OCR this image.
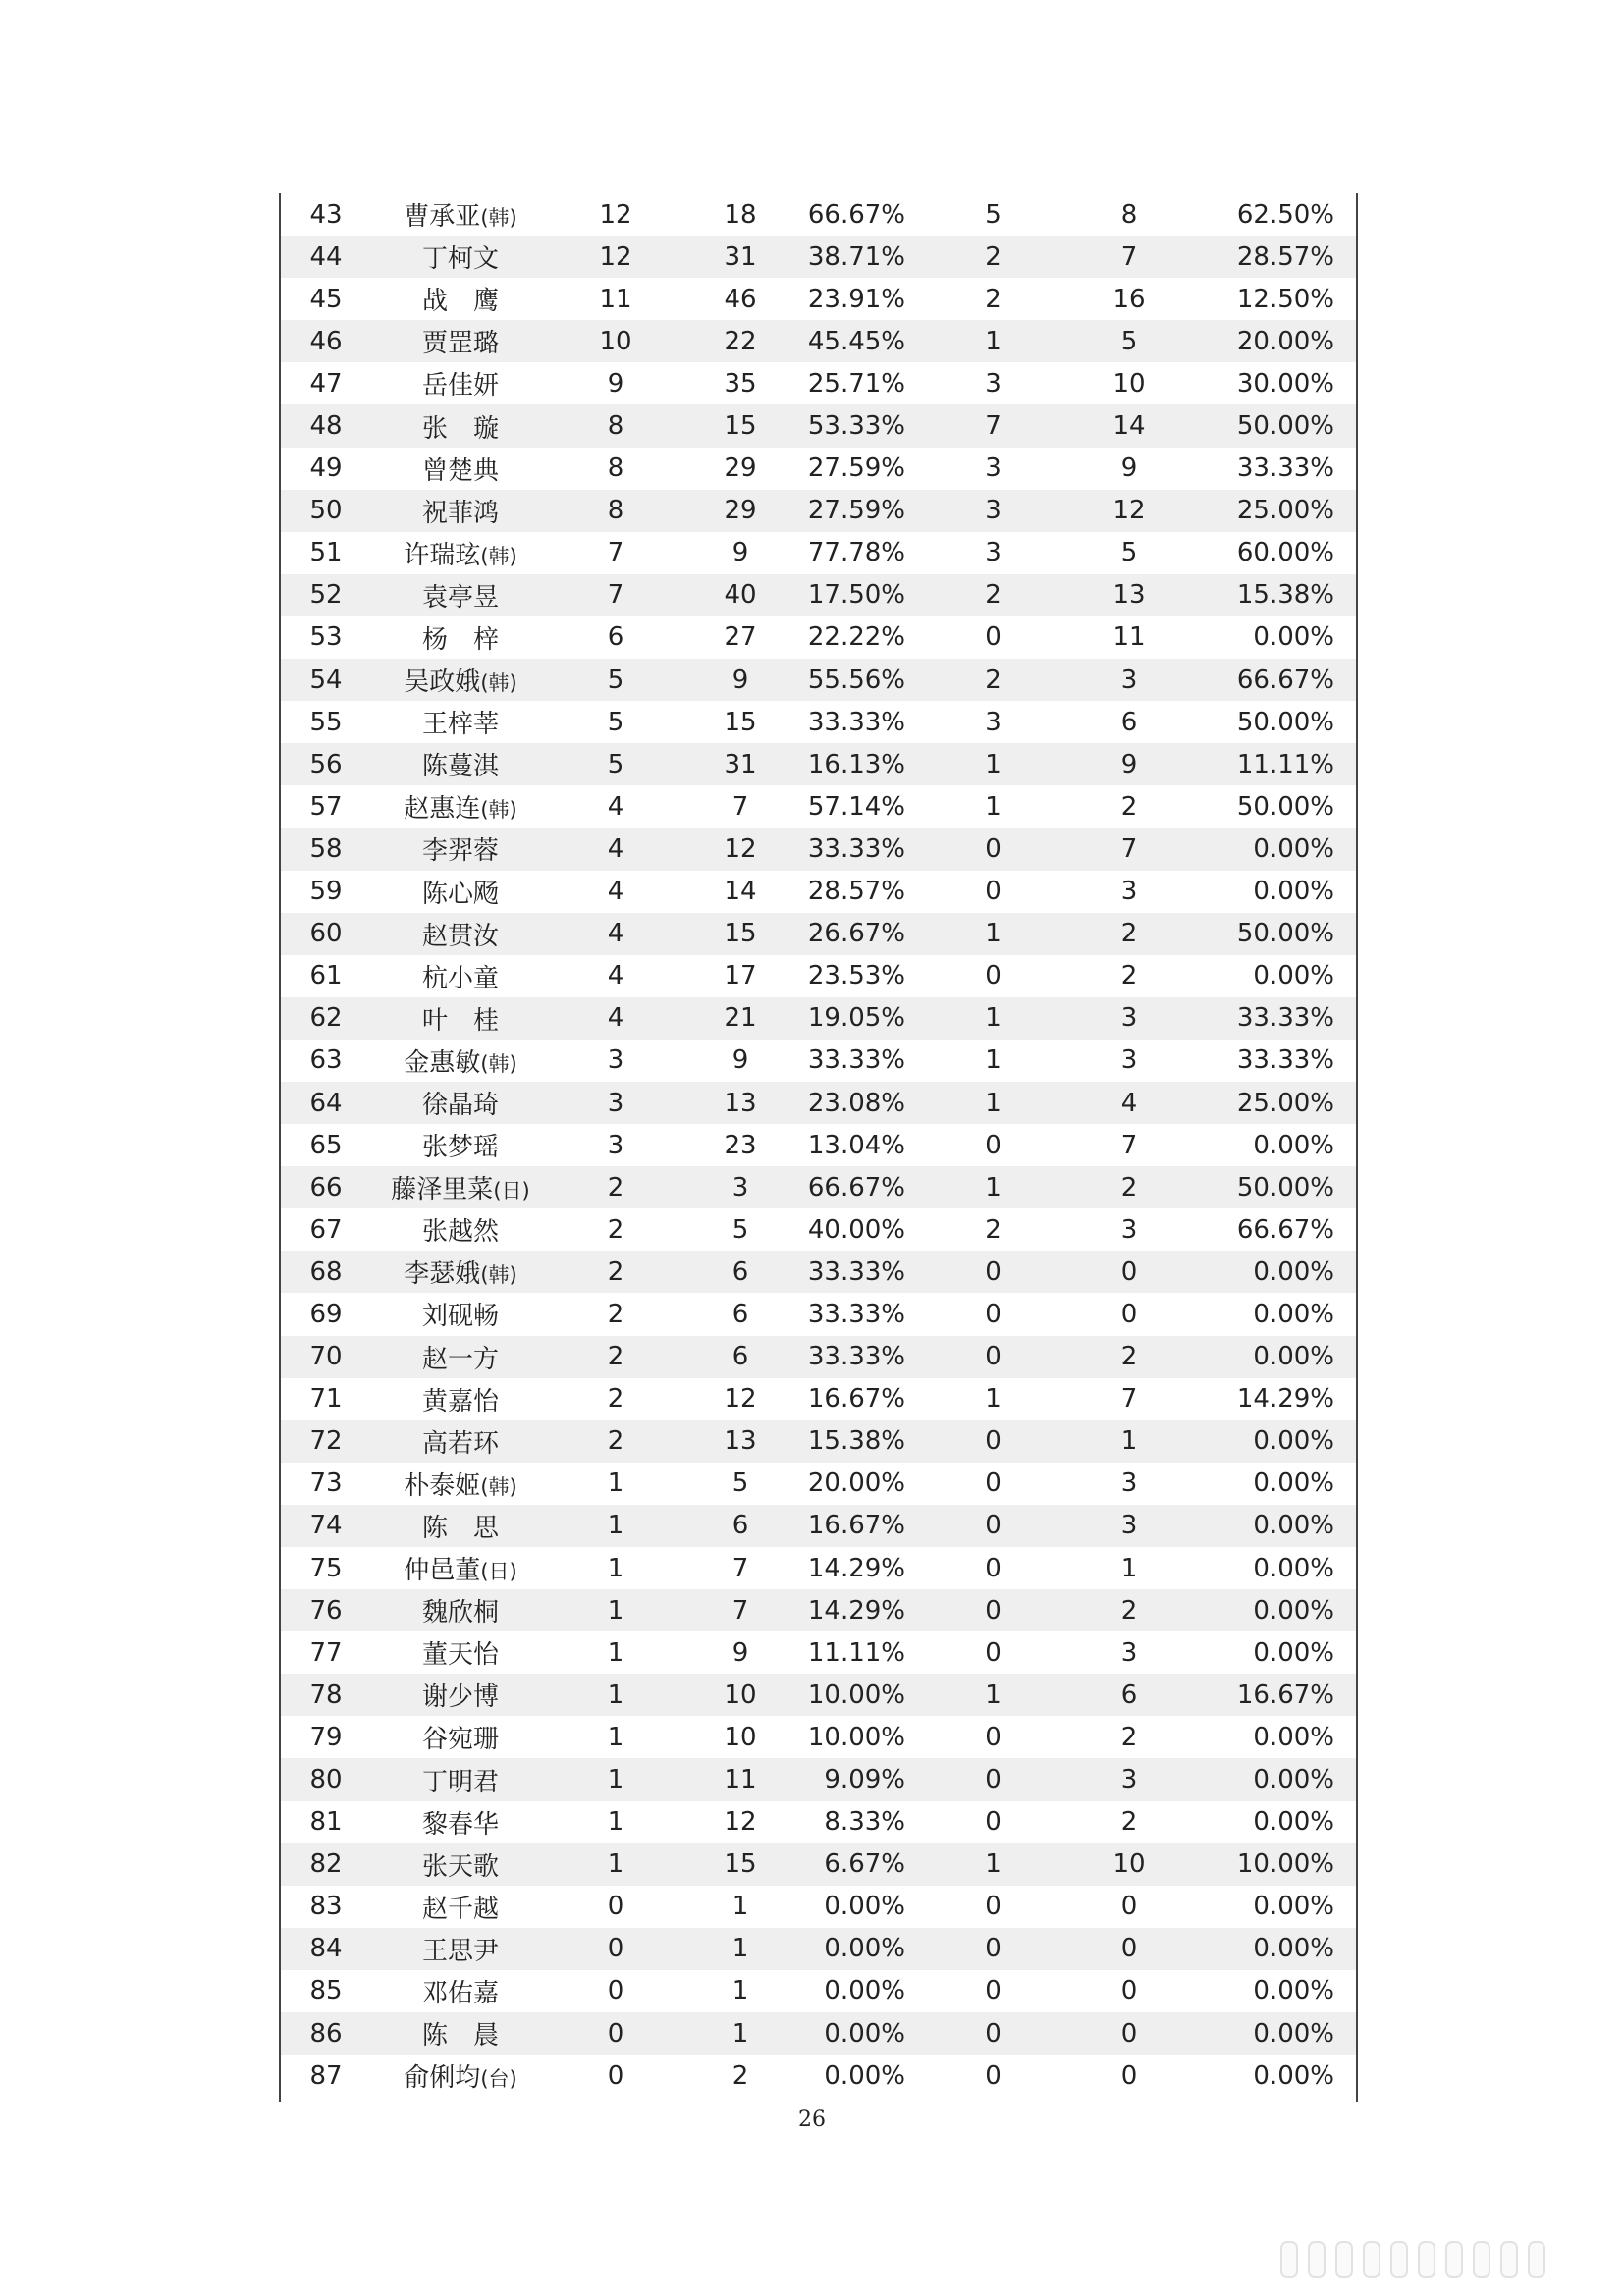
43	曹承亚(韩)	12	18	66.67%	5	8	62.50%
44	丁柯文	12	31	38.71%	2	7	28.57%
45	战　鹰	11	46	23.91%	2	16	12.50%
46	贾罡璐	10	22	45.45%	1	5	20.00%
47	岳佳妍	9	35	25.71%	3	10	30.00%
48	张　璇	8	15	53.33%	7	14	50.00%
49	曾楚典	8	29	27.59%	3	9	33.33%
50	祝菲鸿	8	29	27.59%	3	12	25.00%
51	许瑞玹(韩)	7	9	77.78%	3	5	60.00%
52	袁亭昱	7	40	17.50%	2	13	15.38%
53	杨　梓	6	27	22.22%	0	11	0.00%
54	吴政娥(韩)	5	9	55.56%	2	3	66.67%
55	王梓莘	5	15	33.33%	3	6	50.00%
56	陈蔓淇	5	31	16.13%	1	9	11.11%
57	赵惠连(韩)	4	7	57.14%	1	2	50.00%
58	李羿蓉	4	12	33.33%	0	7	0.00%
59	陈心飏	4	14	28.57%	0	3	0.00%
60	赵贯汝	4	15	26.67%	1	2	50.00%
61	杭小童	4	17	23.53%	0	2	0.00%
62	叶　桂	4	21	19.05%	1	3	33.33%
63	金惠敏(韩)	3	9	33.33%	1	3	33.33%
64	徐晶琦	3	13	23.08%	1	4	25.00%
65	张梦瑶	3	23	13.04%	0	7	0.00%
66	藤泽里菜(日)	2	3	66.67%	1	2	50.00%
67	张越然	2	5	40.00%	2	3	66.67%
68	李瑟娥(韩)	2	6	33.33%	0	0	0.00%
69	刘砚畅	2	6	33.33%	0	0	0.00%
70	赵一方	2	6	33.33%	0	2	0.00%
71	黄嘉怡	2	12	16.67%	1	7	14.29%
72	高若环	2	13	15.38%	0	1	0.00%
73	朴泰姬(韩)	1	5	20.00%	0	3	0.00%
74	陈　思	1	6	16.67%	0	3	0.00%
75	仲邑董(日)	1	7	14.29%	0	1	0.00%
76	魏欣桐	1	7	14.29%	0	2	0.00%
77	董天怡	1	9	11.11%	0	3	0.00%
78	谢少博	1	10	10.00%	1	6	16.67%
79	谷宛珊	1	10	10.00%	0	2	0.00%
80	丁明君	1	11	9.09%	0	3	0.00%
81	黎春华	1	12	8.33%	0	2	0.00%
82	张天歌	1	15	6.67%	1	10	10.00%
83	赵千越	0	1	0.00%	0	0	0.00%
84	王思尹	0	1	0.00%	0	0	0.00%
85	邓佑嘉	0	1	0.00%	0	0	0.00%
86	陈　晨	0	1	0.00%	0	0	0.00%
87	俞俐均(台)	0	2	0.00%	0	0	0.00%
26
